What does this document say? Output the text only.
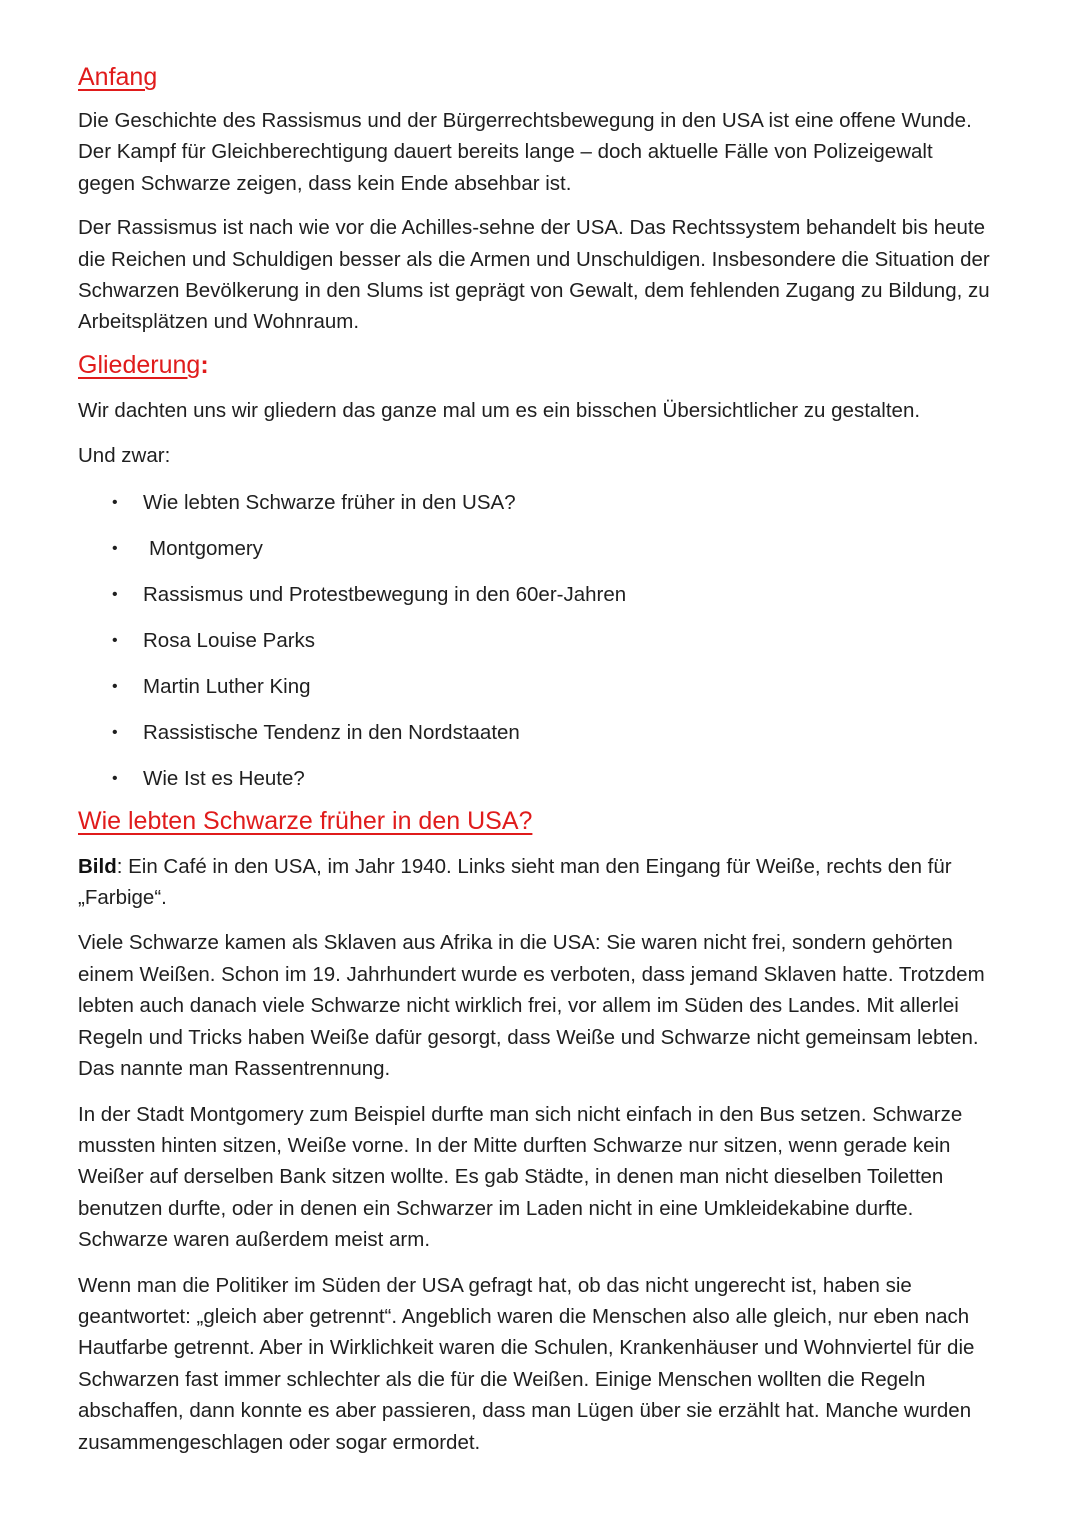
Anfang

Die Geschichte des Rassismus und der Bürgerrechtsbewegung in den USA ist eine offene Wunde. Der Kampf für Gleichberechtigung dauert bereits lange – doch aktuelle Fälle von Polizeigewalt gegen Schwarze zeigen, dass kein Ende absehbar ist.

Der Rassismus ist nach wie vor die Achilles-sehne der USA. Das Rechtssystem behandelt bis heute die Reichen und Schuldigen besser als die Armen und Unschuldigen. Insbesondere die Situation der Schwarzen Bevölkerung in den Slums ist geprägt von Gewalt, dem fehlenden Zugang zu Bildung, zu Arbeitsplätzen und Wohnraum.

Gliederung:

Wir dachten uns wir gliedern das ganze mal um es ein bisschen Übersichtlicher zu gestalten.

Und zwar:

• Wie lebten Schwarze früher in den USA?
• Montgomery
• Rassismus und Protestbewegung in den 60er-Jahren
• Rosa Louise Parks
• Martin Luther King
• Rassistische Tendenz in den Nordstaaten
• Wie Ist es Heute?
Wie lebten Schwarze früher in den USA?

Bild: Ein Café in den USA, im Jahr 1940. Links sieht man den Eingang für Weiße, rechts den für „Farbige“.

Viele Schwarze kamen als Sklaven aus Afrika in die USA: Sie waren nicht frei, sondern gehörten einem Weißen. Schon im 19. Jahrhundert wurde es verboten, dass jemand Sklaven hatte. Trotzdem lebten auch danach viele Schwarze nicht wirklich frei, vor allem im Süden des Landes. Mit allerlei Regeln und Tricks haben Weiße dafür gesorgt, dass Weiße und Schwarze nicht gemeinsam lebten. Das nannte man Rassentrennung.

In der Stadt Montgomery zum Beispiel durfte man sich nicht einfach in den Bus setzen. Schwarze mussten hinten sitzen, Weiße vorne. In der Mitte durften Schwarze nur sitzen, wenn gerade kein Weißer auf derselben Bank sitzen wollte. Es gab Städte, in denen man nicht dieselben Toiletten benutzen durfte, oder in denen ein Schwarzer im Laden nicht in eine Umkleidekabine durfte. Schwarze waren außerdem meist arm.

Wenn man die Politiker im Süden der USA gefragt hat, ob das nicht ungerecht ist, haben sie geantwortet: „gleich aber getrennt“. Angeblich waren die Menschen also alle gleich, nur eben nach Hautfarbe getrennt. Aber in Wirklichkeit waren die Schulen, Krankenhäuser und Wohnviertel für die Schwarzen fast immer schlechter als die für die Weißen. Einige Menschen wollten die Regeln abschaffen, dann konnte es aber passieren, dass man Lügen über sie erzählt hat. Manche wurden zusammengeschlagen oder sogar ermordet.
